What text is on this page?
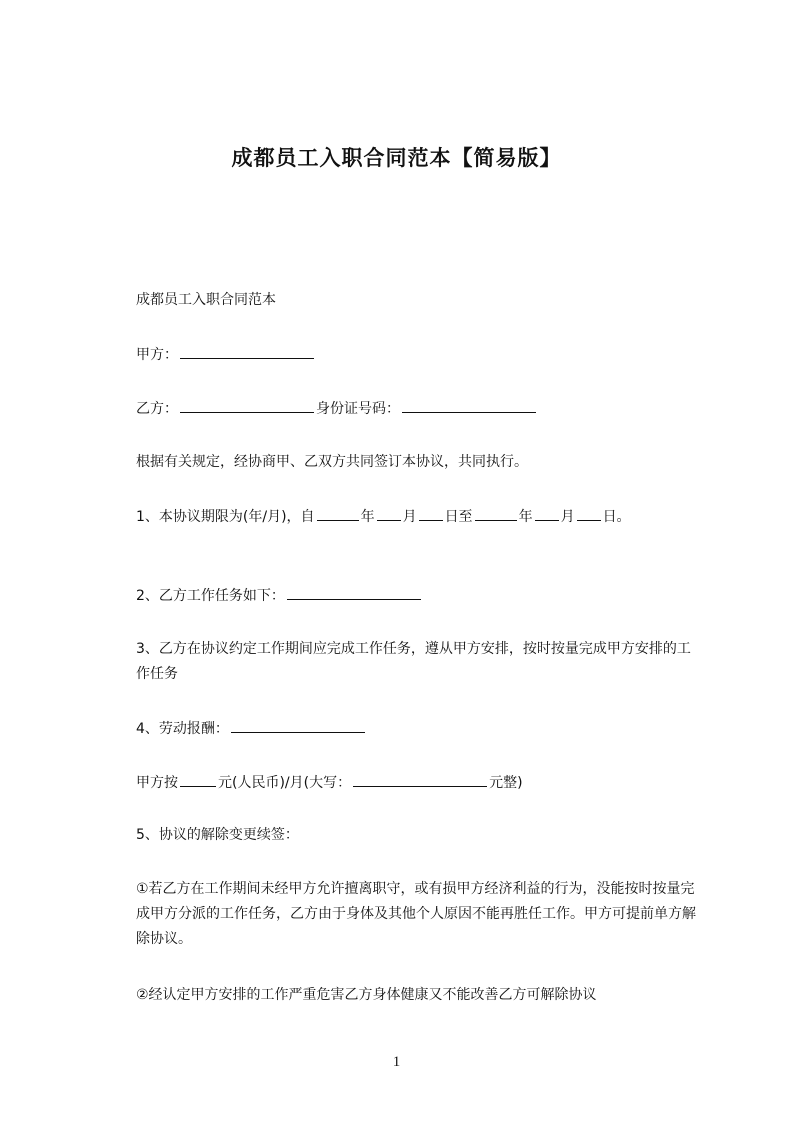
成都员工入职合同范本【简易版】

成都员工入职合同范本

甲方：

乙方：	身份证号码：

根据有关规定，经协商甲、乙双方共同签订本协议，共同执行。

1、本协议期限为(年/月)，自	年 月 日至	年 月 日。

2、乙方工作任务如下：

3、乙方在协议约定工作期间应完成工作任务，遵从甲方安排，按时按量完成甲方安排的工作任务

4、劳动报酬：

甲方按	元(人民币)/月(大写：	元整)

5、协议的解除变更续签：

①若乙方在工作期间未经甲方允许擅离职守，或有损甲方经济利益的行为，没能按时按量完成甲方分派的工作任务，乙方由于身体及其他个人原因不能再胜任工作。甲方可提前单方解除协议。

②经认定甲方安排的工作严重危害乙方身体健康又不能改善乙方可解除协议

1
